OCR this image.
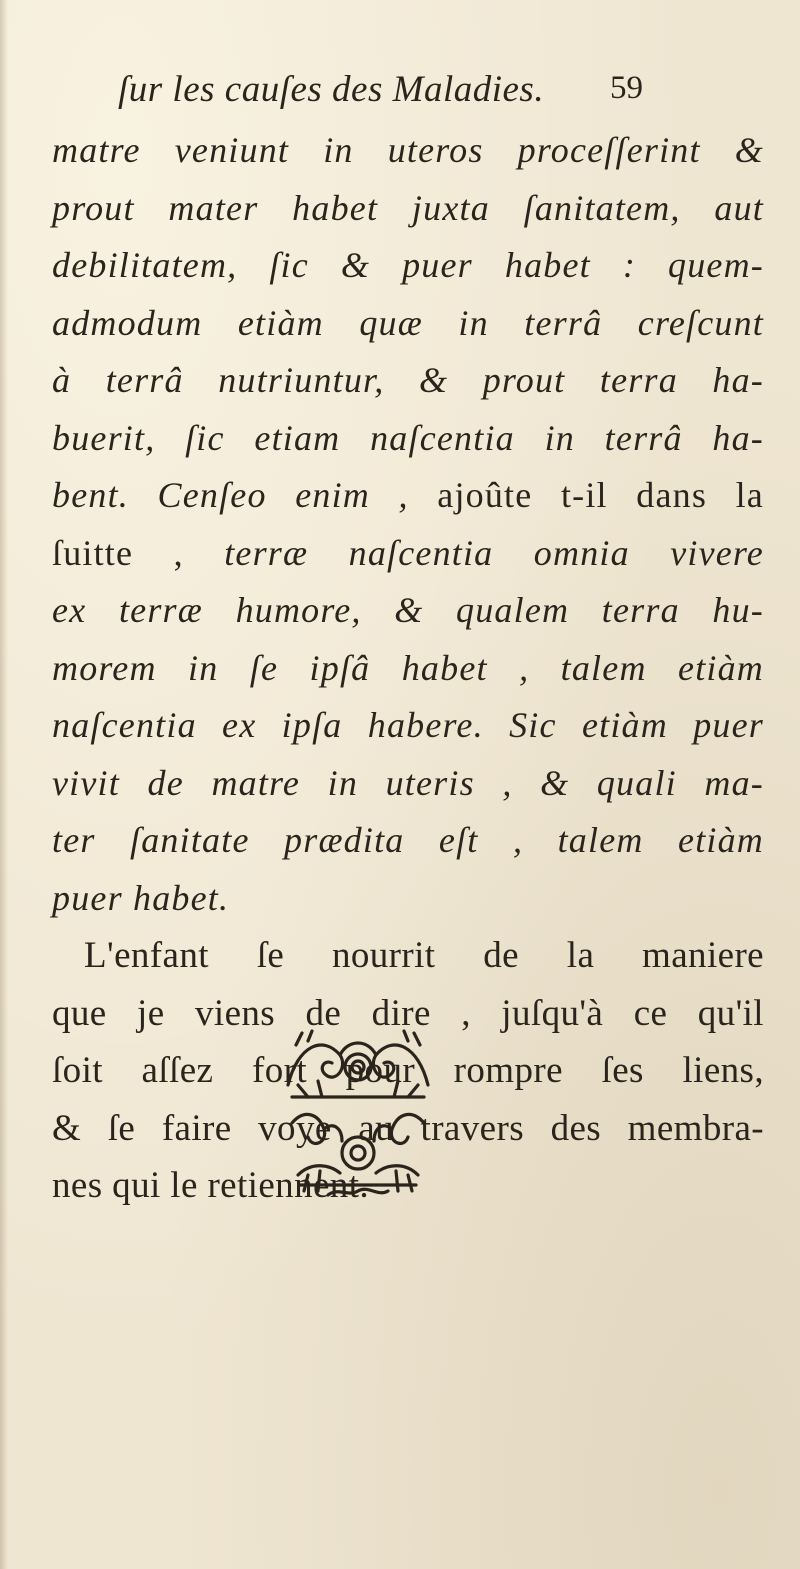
ſur les cauſes des Maladies.	59
matre veniunt in uteros proceſſerint &
prout mater habet juxta ſanitatem, aut
debilitatem, ſic & puer habet : quem-
admodum etiàm quæ in terrâ creſcunt
à terrâ nutriuntur, & prout terra ha-
buerit, ſic etiam naſcentia in terrâ ha-
bent. Cenſeo enim , ajoûte t-il dans la
ſuitte , terræ naſcentia omnia vivere
ex terræ humore, & qualem terra hu-
morem in ſe ipſâ habet , talem etiàm
naſcentia ex ipſa habere. Sic etiàm puer
vivit de matre in uteris , & quali ma-
ter ſanitate prædita eſt , talem etiàm
puer habet.
L'enfant ſe nourrit de la maniere
que je viens de dire , juſqu'à ce qu'il
ſoit aſſez fort pour rompre ſes liens,
& ſe faire voye au travers des membra-
nes qui le retiennent.
